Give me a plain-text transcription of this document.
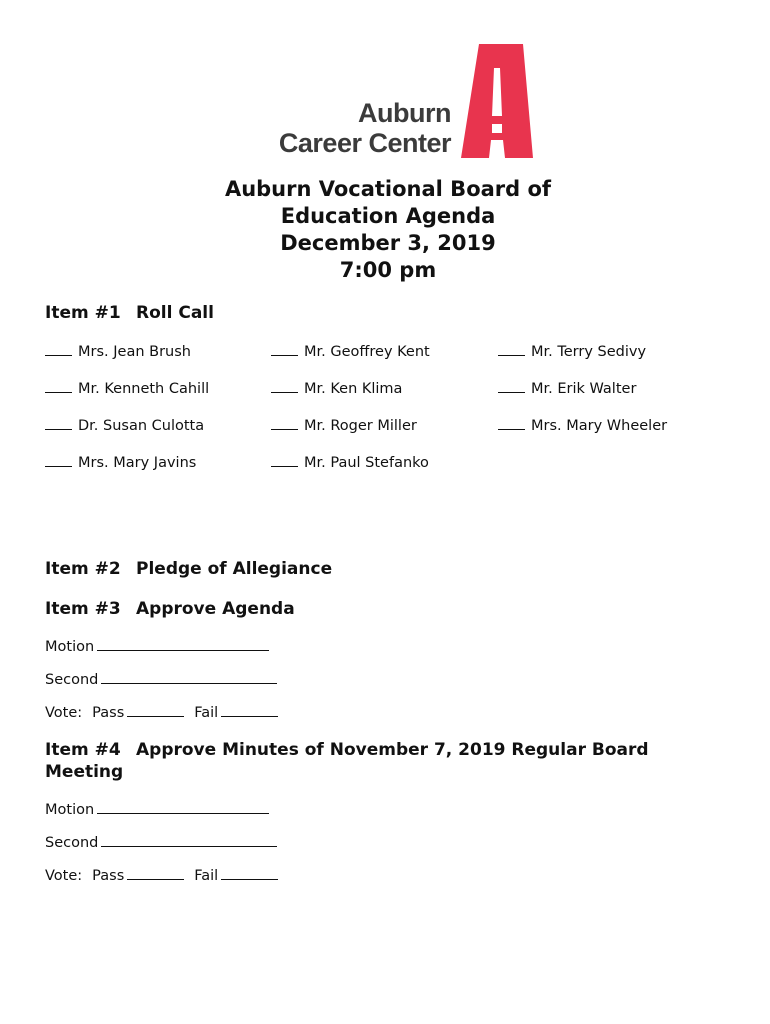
Auburn
Career Center
Auburn Vocational Board of
Education Agenda
December 3, 2019
7:00 pm
Item #1 Roll Call
Mrs. Jean Brush
Mr. Kenneth Cahill
Dr. Susan Culotta
Mrs. Mary Javins
Mr. Geoffrey Kent
Mr. Ken Klima
Mr. Roger Miller
Mr. Paul Stefanko
Mr. Terry Sedivy
Mr. Erik Walter
Mrs. Mary Wheeler
Item #2 Pledge of Allegiance
Item #3 Approve Agenda
Motion
Second
Vote: Pass	Fail
Item #4 Approve Minutes of November 7, 2019 Regular Board
Meeting
Motion
Second
Vote: Pass	Fail
